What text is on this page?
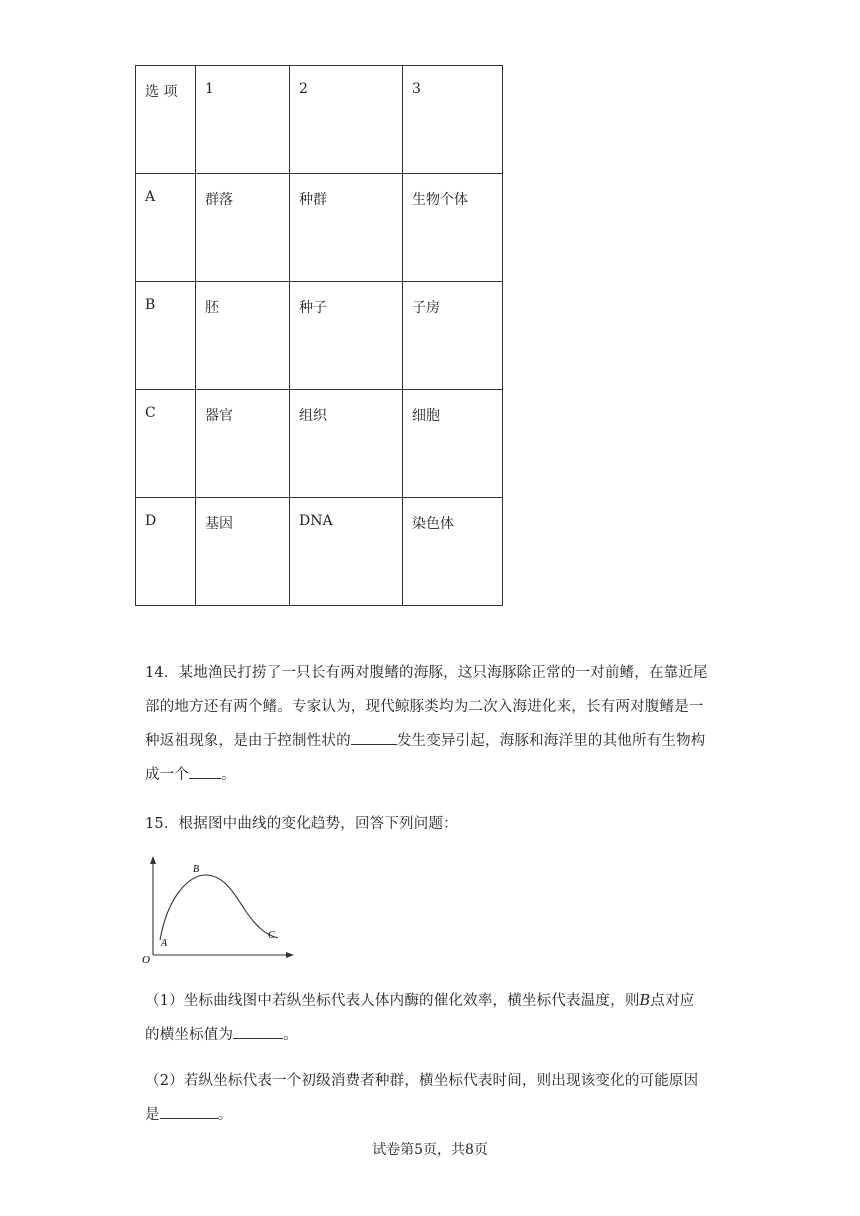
选 项	1	2	3
A	群落	种群	生物个体
B	胚	种子	子房
C	器官	组织	细胞
D	基因	DNA	染色体

14．某地渔民打捞了一只长有两对腹鳍的海豚，这只海豚除正常的一对前鳍，在靠近尾

部的地方还有两个鳍。专家认为，现代鲸豚类均为二次入海进化来，长有两对腹鳍是一

种返祖现象，是由于控制性状的	发生变异引起，海豚和海洋里的其他所有生物构

成一个 。

15．根据图中曲线的变化趋势，回答下列问题：

O
A
B
C

（1）坐标曲线图中若纵坐标代表人体内酶的催化效率，横坐标代表温度，则B点对应

的横坐标值为	。

（2）若纵坐标代表一个初级消费者种群，横坐标代表时间，则出现该变化的可能原因

是	。

试卷第5页，共8页
